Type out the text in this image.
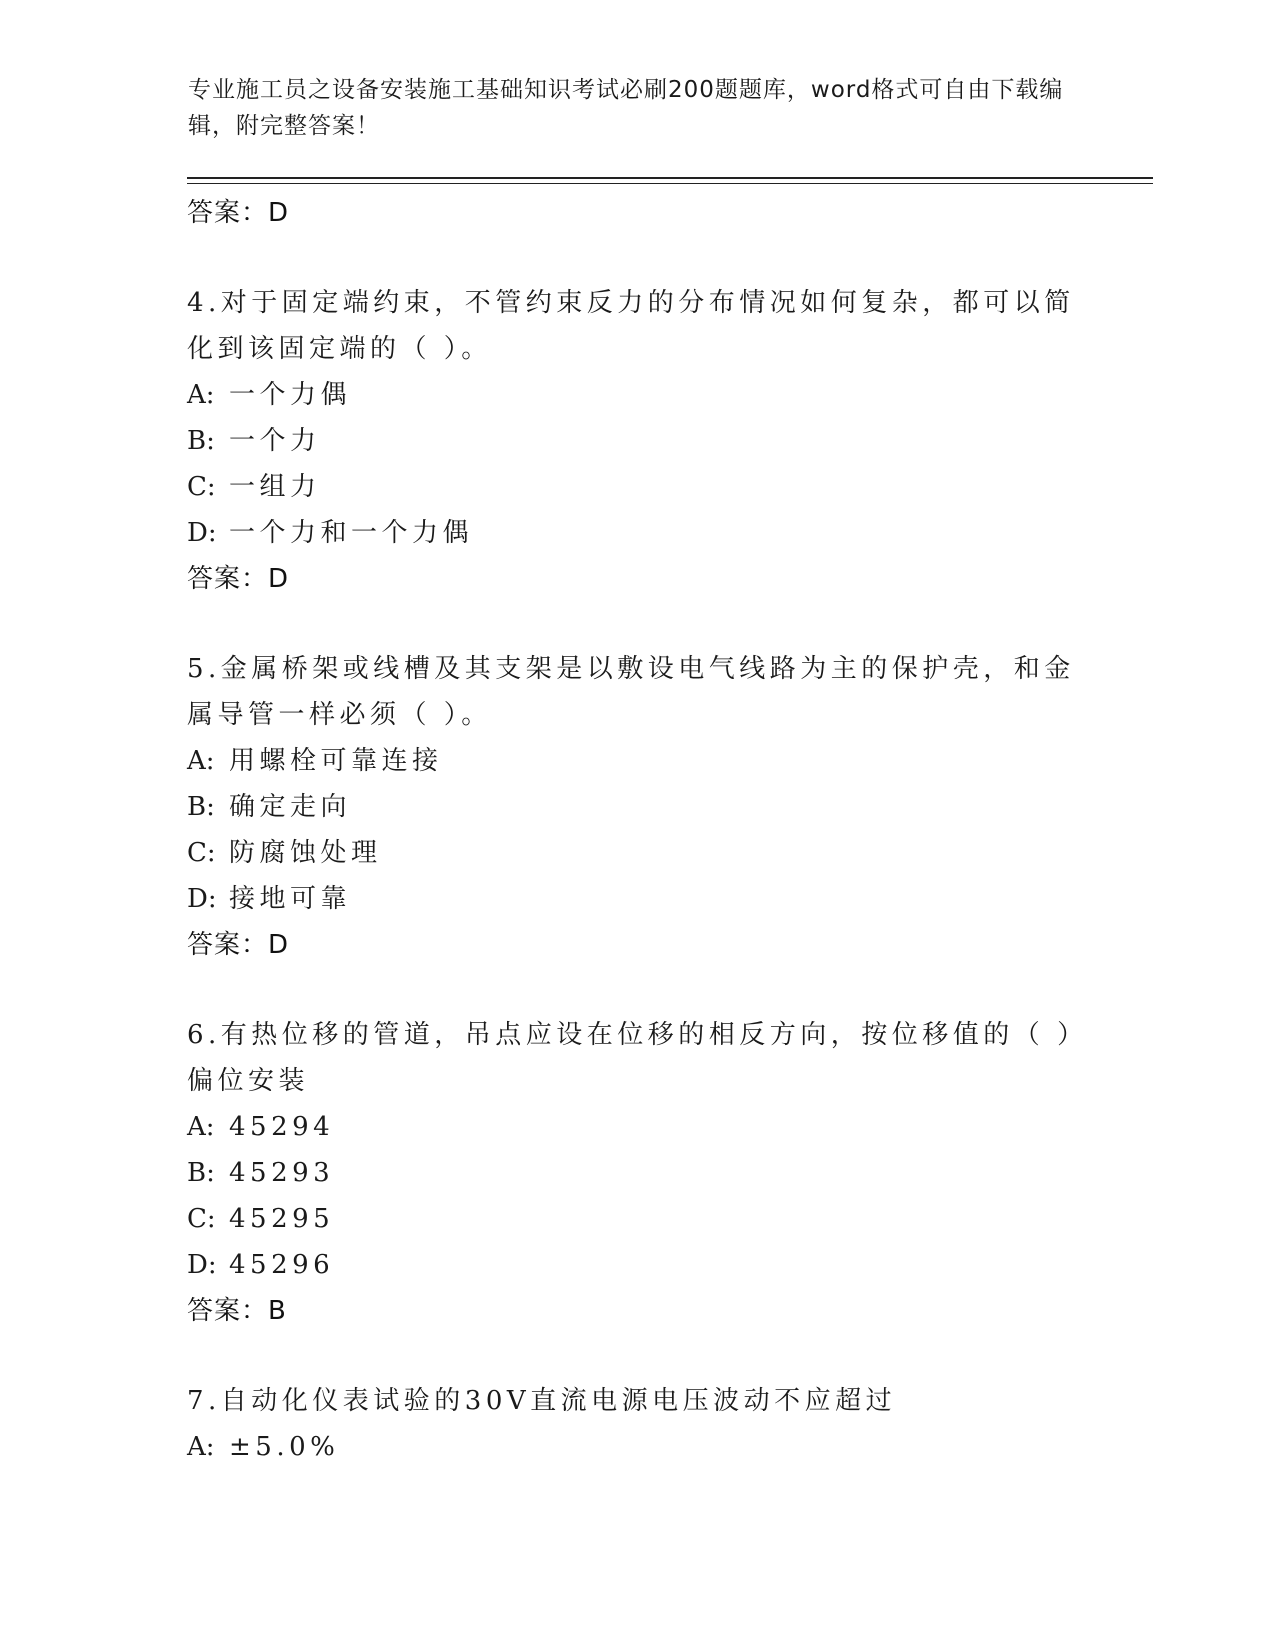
专业施工员之设备安装施工基础知识考试必刷200题题库，word格式可自由下载编辑，附完整答案！
答案：D
4.对于固定端约束，不管约束反力的分布情况如何复杂，都可以简化到该固定端的（ ）。
A: 一个力偶
B: 一个力
C: 一组力
D: 一个力和一个力偶
答案：D
5.金属桥架或线槽及其支架是以敷设电气线路为主的保护壳，和金属导管一样必须（ ）。
A: 用螺栓可靠连接
B: 确定走向
C: 防腐蚀处理
D: 接地可靠
答案：D
6.有热位移的管道，吊点应设在位移的相反方向，按位移值的（ ）偏位安装
A: 45294
B: 45293
C: 45295
D: 45296
答案：B
7.自动化仪表试验的30V直流电源电压波动不应超过
A: ±5.0%
